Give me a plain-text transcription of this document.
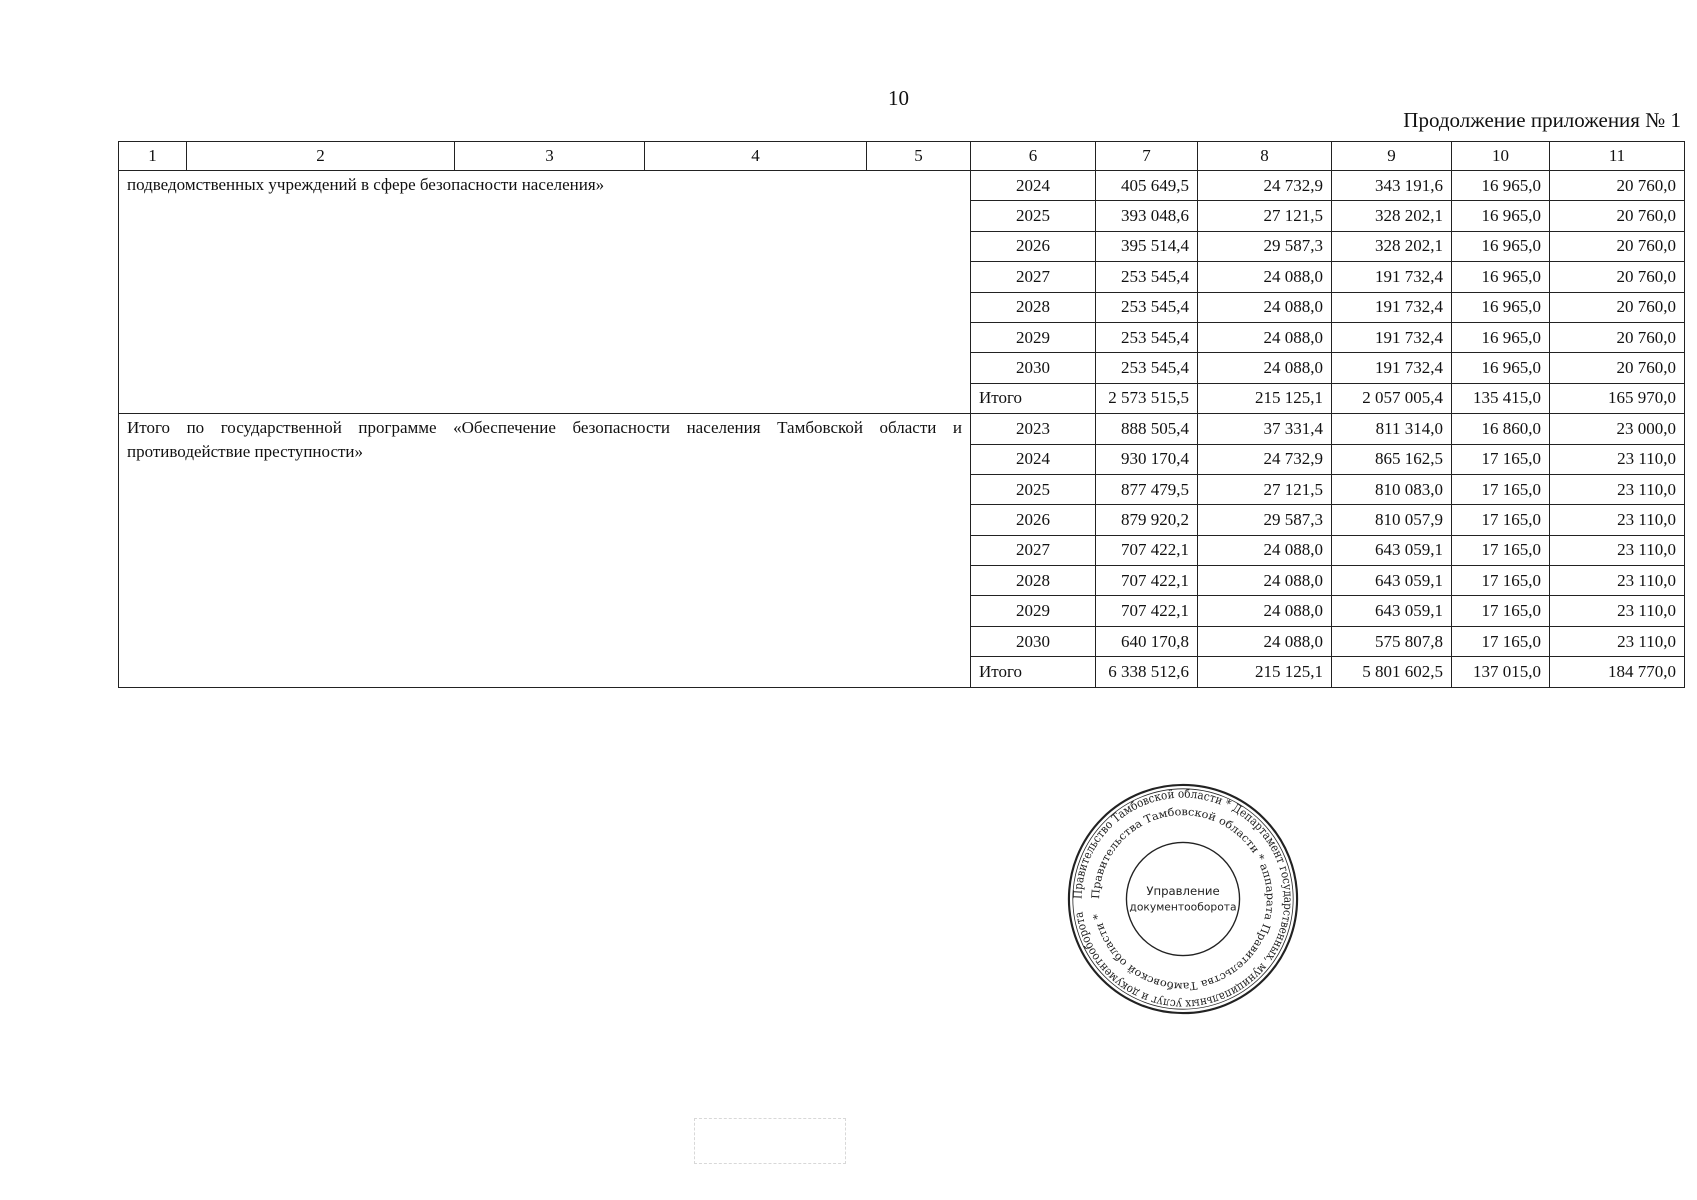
10
Продолжение приложения № 1
1	2	3	4	5	6	7	8	9	10	11
подведомственных учреждений в сфере безопасности населения»					2024	405 649,5	24 732,9	343 191,6	16 965,0	20 760,0
					2025	393 048,6	27 121,5	328 202,1	16 965,0	20 760,0
					2026	395 514,4	29 587,3	328 202,1	16 965,0	20 760,0
					2027	253 545,4	24 088,0	191 732,4	16 965,0	20 760,0
					2028	253 545,4	24 088,0	191 732,4	16 965,0	20 760,0
					2029	253 545,4	24 088,0	191 732,4	16 965,0	20 760,0
					2030	253 545,4	24 088,0	191 732,4	16 965,0	20 760,0
					Итого	2 573 515,5	215 125,1	2 057 005,4	135 415,0	165 970,0
Итого по государственной программе «Обеспечение безопасности населения Тамбовской области и противодействие преступности»					2023	888 505,4	37 331,4	811 314,0	16 860,0	23 000,0
					2024	930 170,4	24 732,9	865 162,5	17 165,0	23 110,0
					2025	877 479,5	27 121,5	810 083,0	17 165,0	23 110,0
					2026	879 920,2	29 587,3	810 057,9	17 165,0	23 110,0
					2027	707 422,1	24 088,0	643 059,1	17 165,0	23 110,0
					2028	707 422,1	24 088,0	643 059,1	17 165,0	23 110,0
					2029	707 422,1	24 088,0	643 059,1	17 165,0	23 110,0
					2030	640 170,8	24 088,0	575 807,8	17 165,0	23 110,0
					Итого	6 338 512,6	215 125,1	5 801 602,5	137 015,0	184 770,0
Правительство Тамбовской области * Департамент государственных, муниципальных услуг и документооборота
Правительства Тамбовской области * аппарата Правительства Тамбовской области *
Управление
документооборота
